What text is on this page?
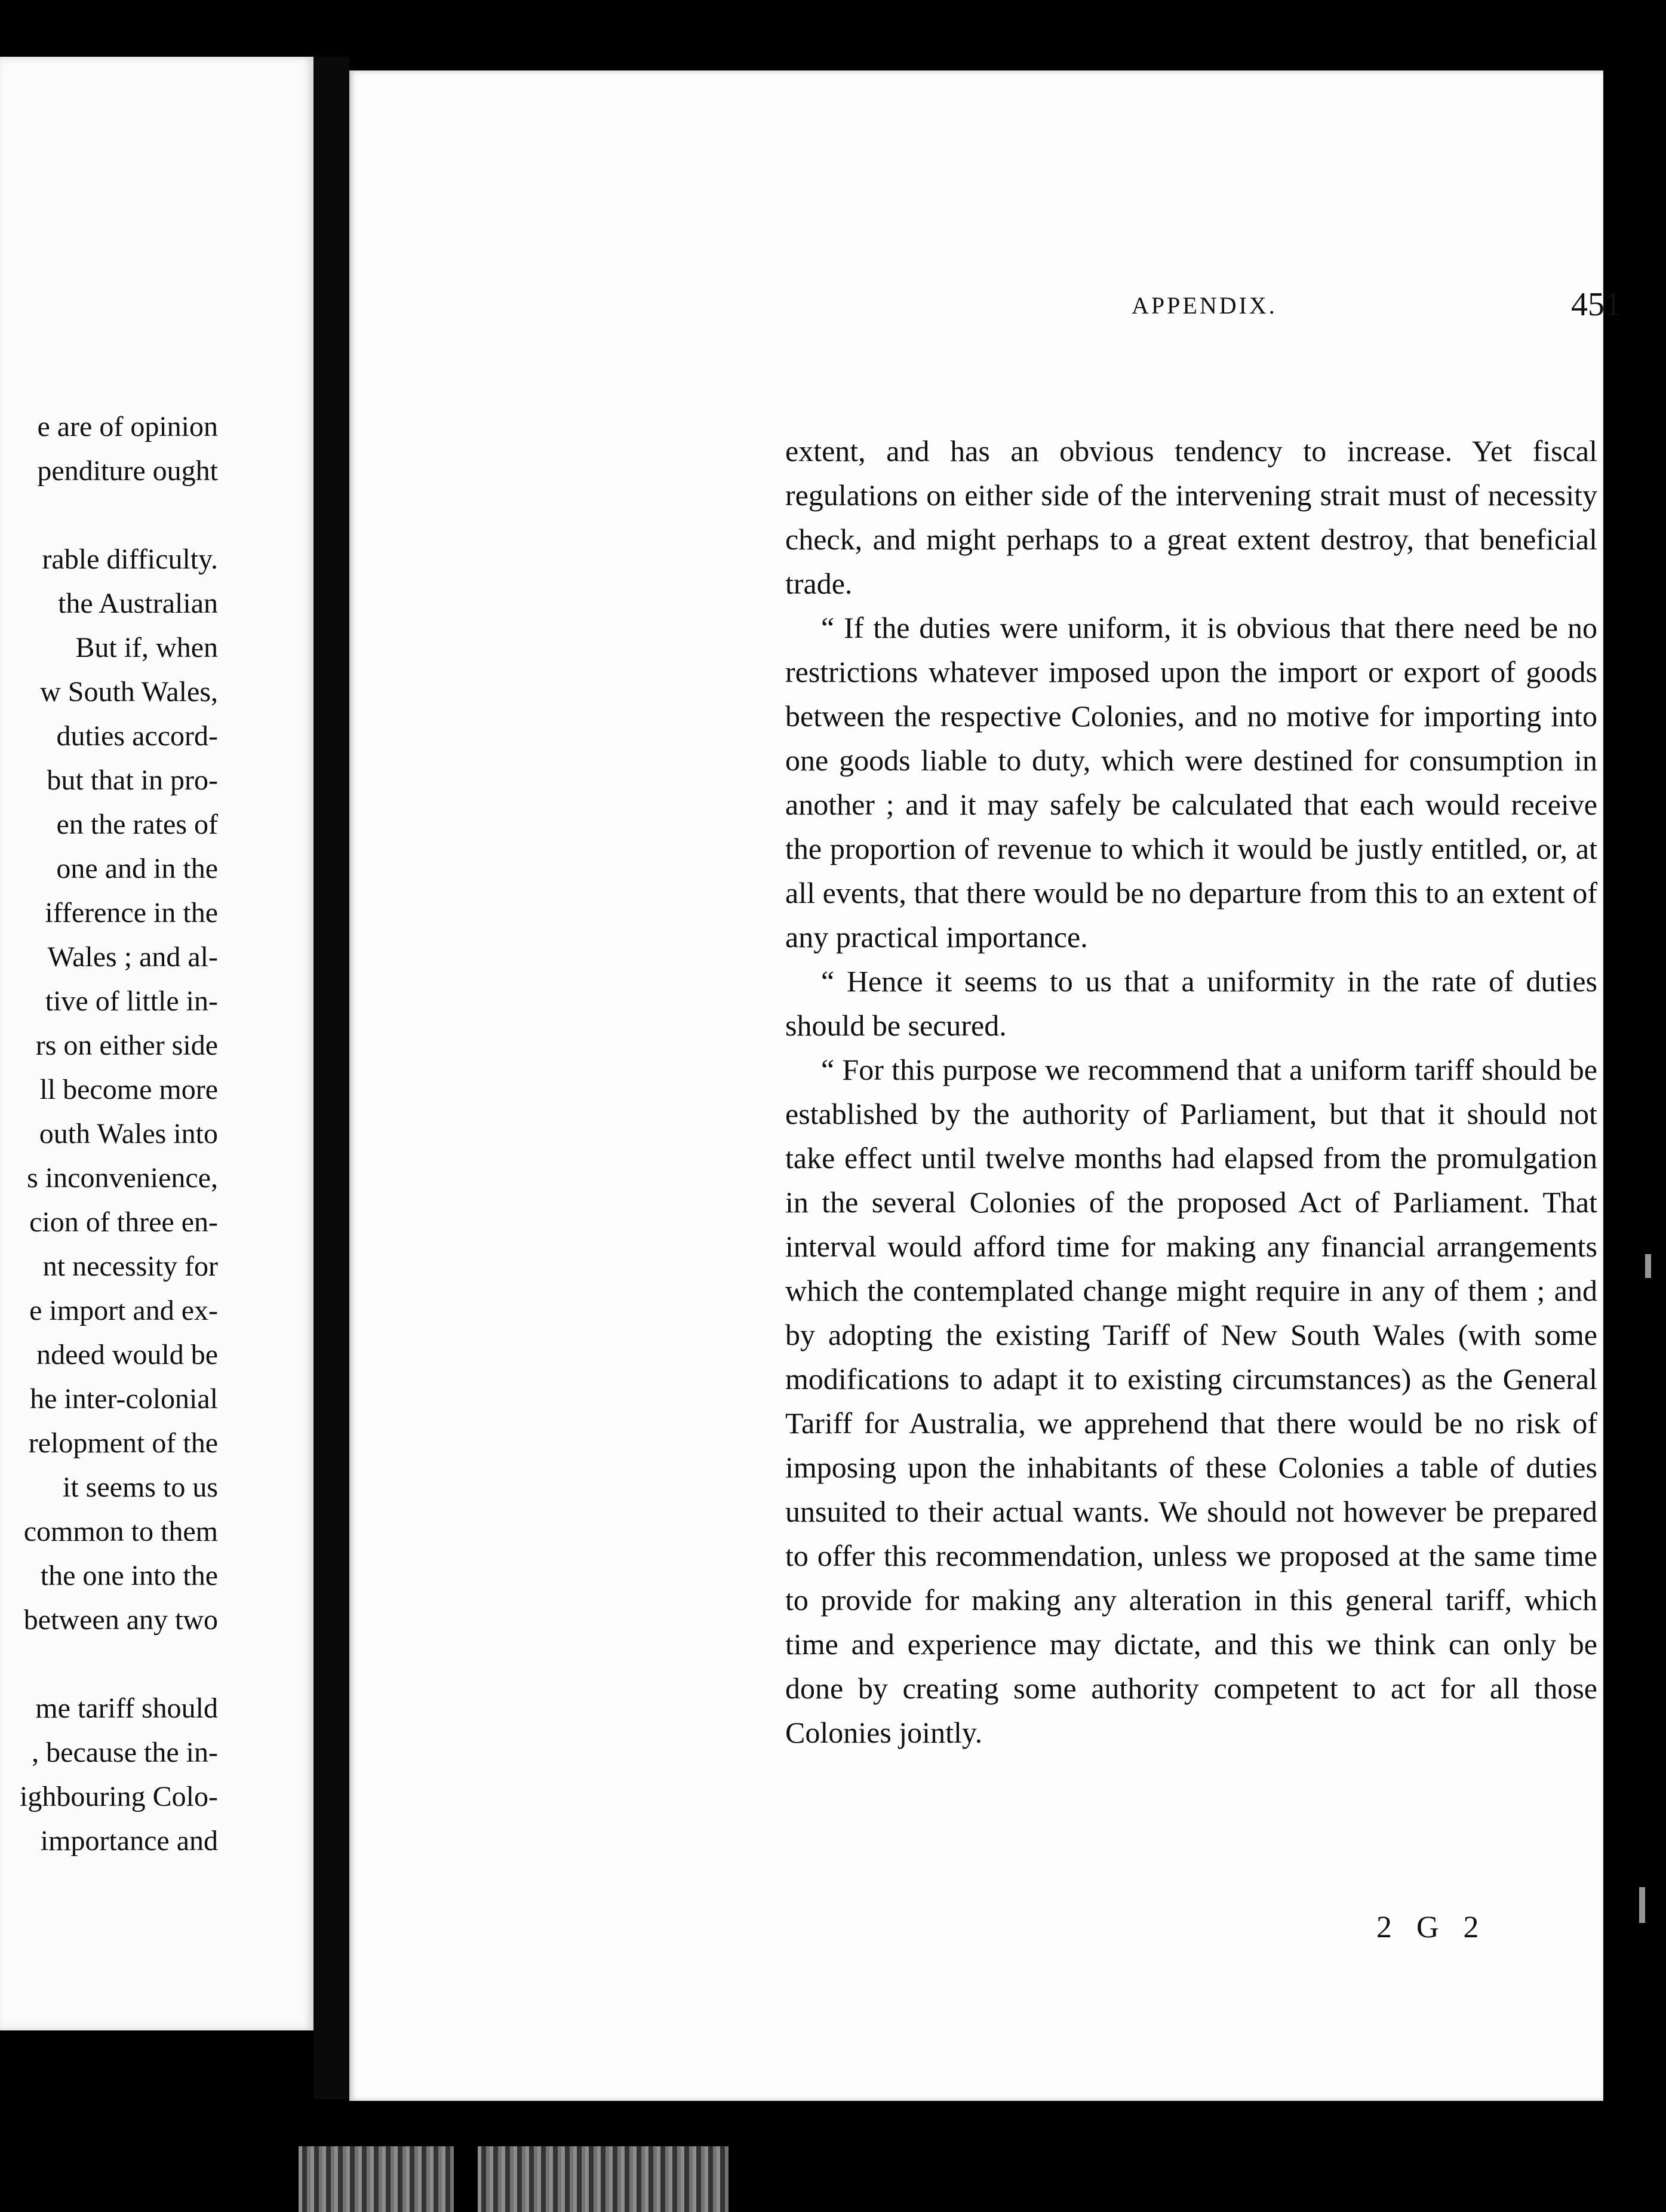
e are of opinion
penditure ought
rable difficulty.
the Australian
But if, when
w South Wales,
duties accord-
but that in pro-
en the rates of
one and in the
ifference in the
Wales ; and al-
tive of little in-
rs on either side
ll become more
outh Wales into
s inconvenience,
cion of three en-
nt necessity for
e import and ex-
ndeed would be
he inter-colonial
relopment of the
it seems to us
common to them
the one into the
between any two
me tariff should
, because the in-
ighbouring Colo-
importance and
APPENDIX.	451

extent, and has an obvious tendency to increase. Yet fiscal regulations on either side of the intervening strait must of necessity check, and might perhaps to a great extent destroy, that beneficial trade.

“ If the duties were uniform, it is obvious that there need be no restrictions whatever imposed upon the import or export of goods between the respective Colonies, and no motive for importing into one goods liable to duty, which were destined for consumption in another ; and it may safely be calculated that each would receive the proportion of revenue to which it would be justly entitled, or, at all events, that there would be no departure from this to an extent of any practical importance.

“ Hence it seems to us that a uniformity in the rate of duties should be secured.

“ For this purpose we recommend that a uniform tariff should be established by the authority of Parliament, but that it should not take effect until twelve months had elapsed from the promulgation in the several Colonies of the proposed Act of Parliament. That interval would afford time for making any financial arrangements which the contemplated change might require in any of them ; and by adopting the existing Tariff of New South Wales (with some modifications to adapt it to existing circumstances) as the General Tariff for Australia, we apprehend that there would be no risk of imposing upon the inhabitants of these Colonies a table of duties unsuited to their actual wants. We should not however be prepared to offer this recommendation, unless we proposed at the same time to provide for making any alteration in this general tariff, which time and experience may dictate, and this we think can only be done by creating some authority competent to act for all those Colonies jointly.

2 G 2
